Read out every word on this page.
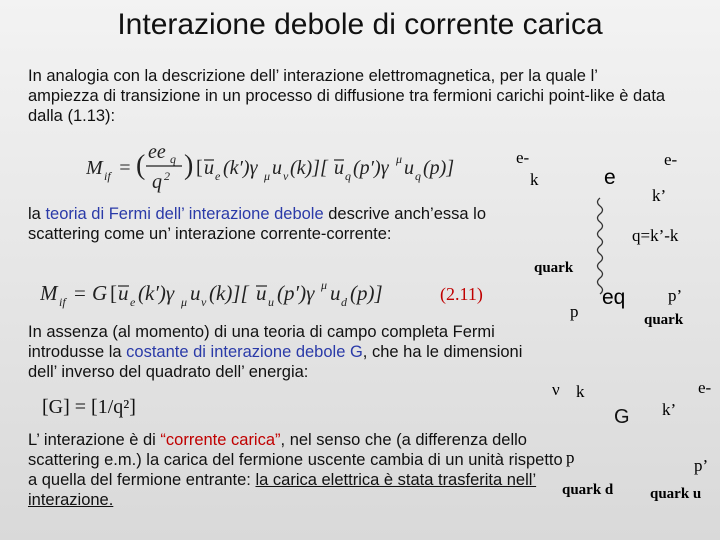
Interazione debole di corrente carica
In analogia con la descrizione dell’ interazione elettromagnetica, per la quale l’ ampiezza di transizione in un processo di diffusione tra fermioni carichi point-like è data dalla (1.13):
M if = ( ee q
q 2 ) [ u e (k′)γ μ u ν (k)][ u q (p′)γ μ u q (p)]
la teoria di Fermi dell’ interazione debole descrive anch’essa lo scattering come un’ interazione corrente-corrente:
M if = G [ u e (k′)γ μ u ν (k)][ u u (p′)γ μ u d (p)]	(2.11)
In assenza (al momento) di una teoria di campo completa Fermi introdusse la costante di interazione debole G, che ha le dimensioni dell’ inverso del quadrato dell’ energia:
[G] = [1/q²]
L’ interazione è di “corrente carica”, nel senso che (a differenza dello scattering e.m.) la carica del fermione uscente cambia di un unità rispetto a quella del fermione entrante: la carica elettrica è stata trasferita nell’ interazione.
e-
k	e
e-
k’
q=k’-k
quark
p
eq	p’
quark
ν k
G k’
e-
p	p’
quark d quark u
